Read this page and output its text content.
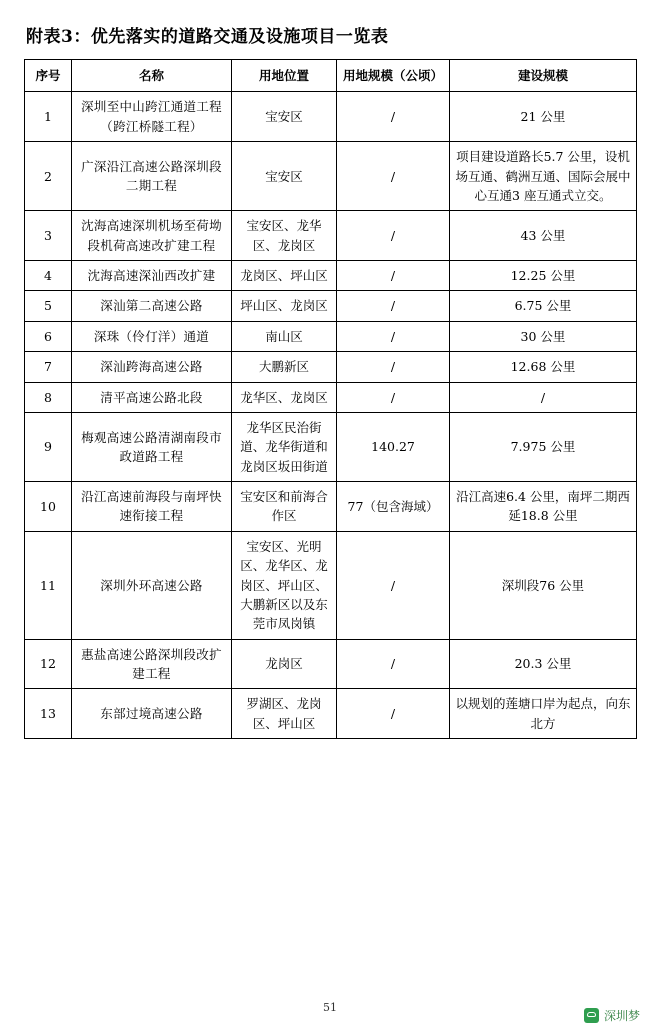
附表3：优先落实的道路交通及设施项目一览表
序号	名称	用地位置	用地规模（公顷）	建设规模
1	深圳至中山跨江通道工程（跨江桥隧工程）	宝安区	/	21 公里
2	广深沿江高速公路深圳段二期工程	宝安区	/	项目建设道路长5.7 公里，设机场互通、鹤洲互通、国际会展中心互通3 座互通式立交。
3	沈海高速深圳机场至荷坳段机荷高速改扩建工程	宝安区、龙华区、龙岗区	/	43 公里
4	沈海高速深汕西改扩建	龙岗区、坪山区	/	12.25 公里
5	深汕第二高速公路	坪山区、龙岗区	/	6.75 公里
6	深珠（伶仃洋）通道	南山区	/	30 公里
7	深汕跨海高速公路	大鹏新区	/	12.68 公里
8	清平高速公路北段	龙华区、龙岗区	/	/
9	梅观高速公路清湖南段市政道路工程	龙华区民治街道、龙华街道和龙岗区坂田街道	140.27	7.975 公里
10	沿江高速前海段与南坪快速衔接工程	宝安区和前海合作区	77（包含海域）	沿江高速6.4 公里，南坪二期西延18.8 公里
11	深圳外环高速公路	宝安区、光明区、龙华区、龙岗区、坪山区、大鹏新区以及东莞市凤岗镇	/	深圳段76 公里
12	惠盐高速公路深圳段改扩建工程	龙岗区	/	20.3 公里
13	东部过境高速公路	罗湖区、龙岗区、坪山区	/	以规划的莲塘口岸为起点，向东北方
51
深圳梦
